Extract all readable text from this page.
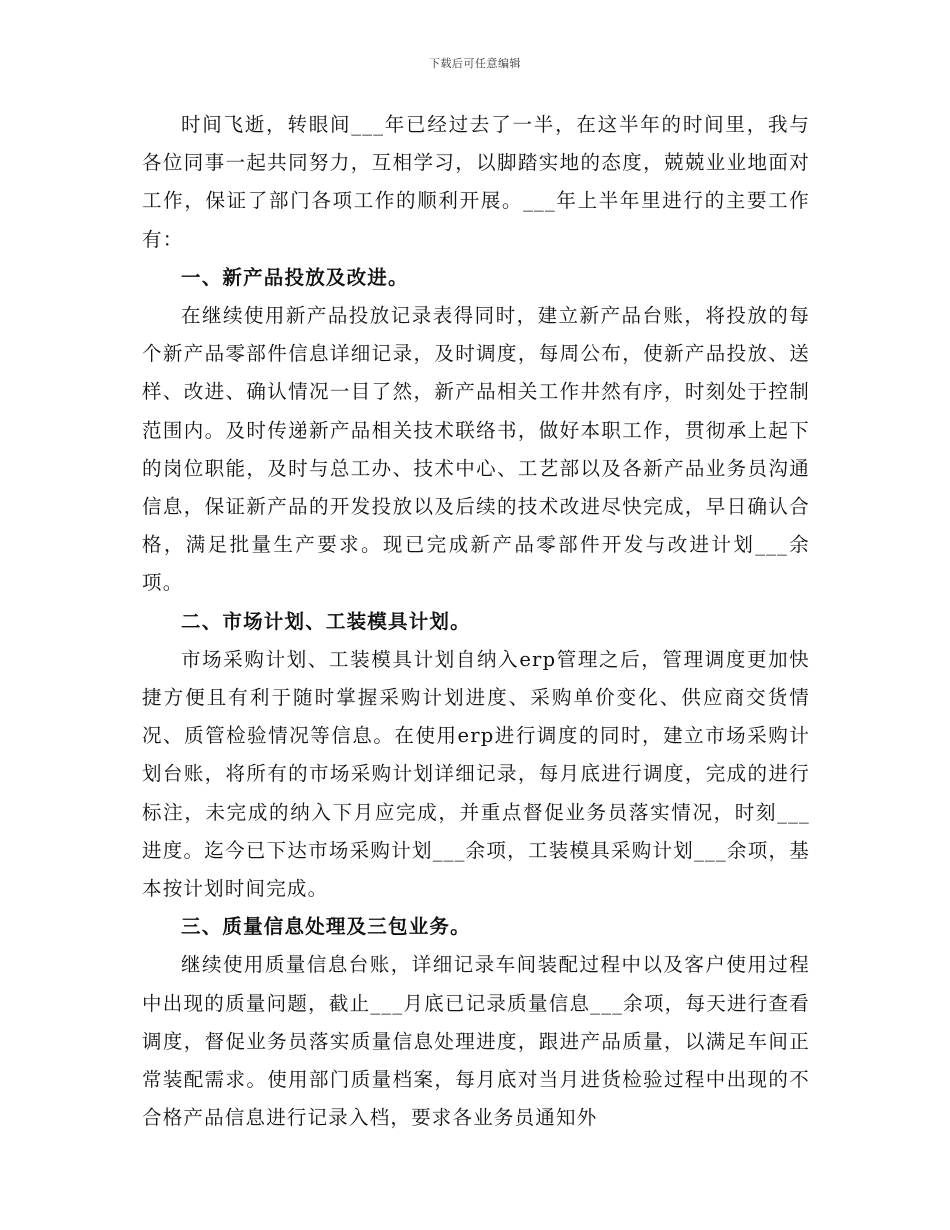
下载后可任意编辑

时间飞逝，转眼间___年已经过去了一半，在这半年的时间里，我与各位同事一起共同努力，互相学习，以脚踏实地的态度，兢兢业业地面对工作，保证了部门各项工作的顺利开展。___年上半年里进行的主要工作有：

一、新产品投放及改进。

在继续使用新产品投放记录表得同时，建立新产品台账，将投放的每个新产品零部件信息详细记录，及时调度，每周公布，使新产品投放、送样、改进、确认情况一目了然，新产品相关工作井然有序，时刻处于控制范围内。及时传递新产品相关技术联络书，做好本职工作，贯彻承上起下的岗位职能，及时与总工办、技术中心、工艺部以及各新产品业务员沟通信息，保证新产品的开发投放以及后续的技术改进尽快完成，早日确认合格，满足批量生产要求。现已完成新产品零部件开发与改进计划___余项。

二、市场计划、工装模具计划。

市场采购计划、工装模具计划自纳入erp管理之后，管理调度更加快捷方便且有利于随时掌握采购计划进度、采购单价变化、供应商交货情况、质管检验情况等信息。在使用erp进行调度的同时，建立市场采购计划台账，将所有的市场采购计划详细记录，每月底进行调度，完成的进行标注，未完成的纳入下月应完成，并重点督促业务员落实情况，时刻___进度。迄今已下达市场采购计划___余项，工装模具采购计划___余项，基本按计划时间完成。

三、质量信息处理及三包业务。

继续使用质量信息台账，详细记录车间装配过程中以及客户使用过程中出现的质量问题，截止___月底已记录质量信息___余项，每天进行查看调度，督促业务员落实质量信息处理进度，跟进产品质量，以满足车间正常装配需求。使用部门质量档案，每月底对当月进货检验过程中出现的不合格产品信息进行记录入档，要求各业务员通知外
